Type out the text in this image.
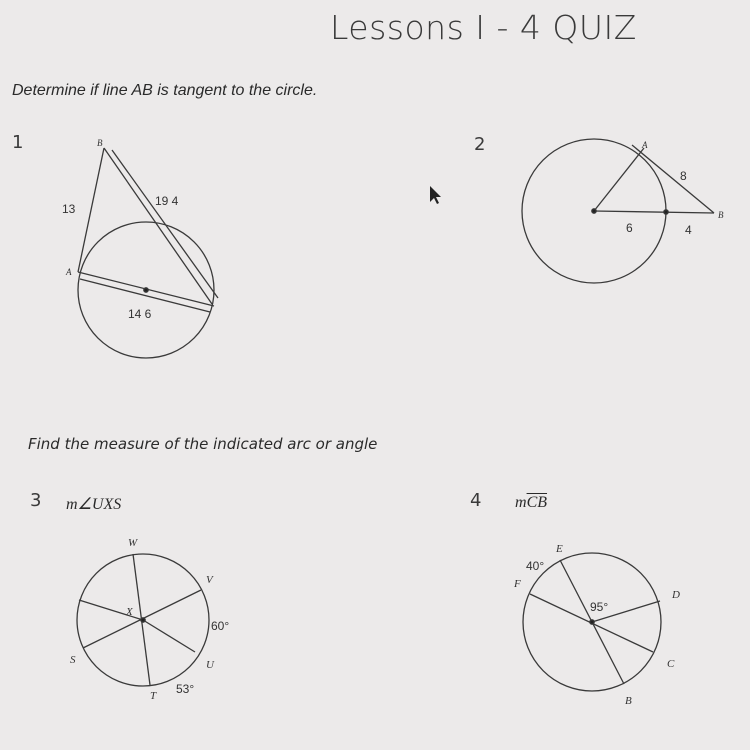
Lessons I - 4 QUIZ
Determine if line AB is tangent to the circle.
1	2
Find the measure of the indicated arc or angle
3 m∠UXS	4 $m\overline{CB}$
B
A
13
19 4
14 6
A
B
8
6	4
W
V
X
S	U
T
60°
53°
E
F
D
C
B
40°
95°
